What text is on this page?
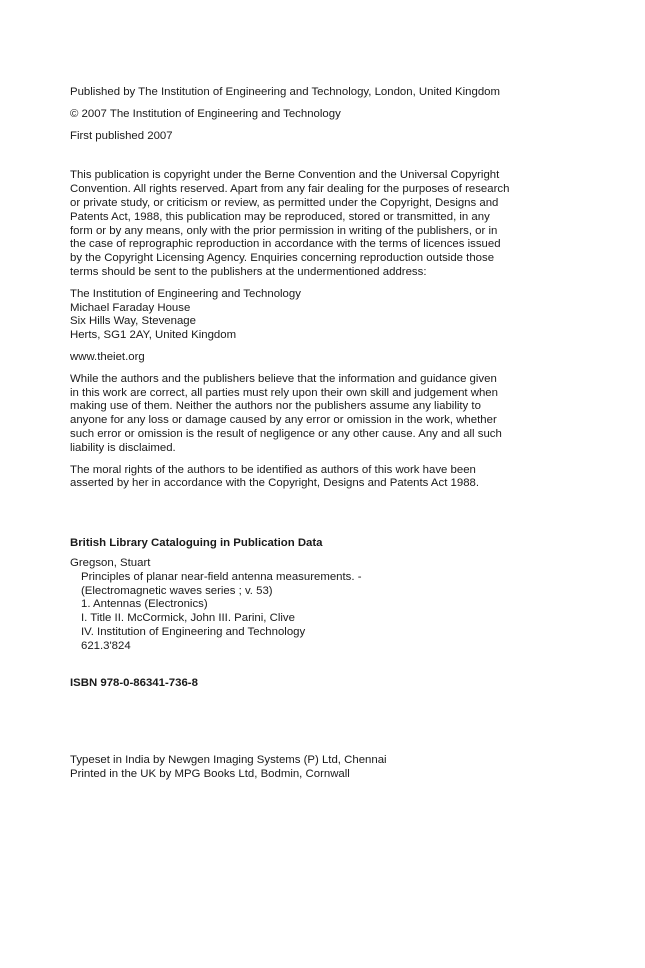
Published by The Institution of Engineering and Technology, London, United Kingdom

© 2007 The Institution of Engineering and Technology

First published 2007

This publication is copyright under the Berne Convention and the Universal Copyright
Convention. All rights reserved. Apart from any fair dealing for the purposes of research
or private study, or criticism or review, as permitted under the Copyright, Designs and
Patents Act, 1988, this publication may be reproduced, stored or transmitted, in any
form or by any means, only with the prior permission in writing of the publishers, or in
the case of reprographic reproduction in accordance with the terms of licences issued
by the Copyright Licensing Agency. Enquiries concerning reproduction outside those
terms should be sent to the publishers at the undermentioned address:
The Institution of Engineering and Technology
Michael Faraday House
Six Hills Way, Stevenage
Herts, SG1 2AY, United Kingdom

www.theiet.org

While the authors and the publishers believe that the information and guidance given
in this work are correct, all parties must rely upon their own skill and judgement when
making use of them. Neither the authors nor the publishers assume any liability to
anyone for any loss or damage caused by any error or omission in the work, whether
such error or omission is the result of negligence or any other cause. Any and all such
liability is disclaimed.
The moral rights of the authors to be identified as authors of this work have been
asserted by her in accordance with the Copyright, Designs and Patents Act 1988.

British Library Cataloguing in Publication Data

Gregson, Stuart
Principles of planar near-field antenna measurements. -
(Electromagnetic waves series ; v. 53)
1. Antennas (Electronics)
I. Title II. McCormick, John III. Parini, Clive
IV. Institution of Engineering and Technology
621.3'824

ISBN 978-0-86341-736-8

Typeset in India by Newgen Imaging Systems (P) Ltd, Chennai
Printed in the UK by MPG Books Ltd, Bodmin, Cornwall
